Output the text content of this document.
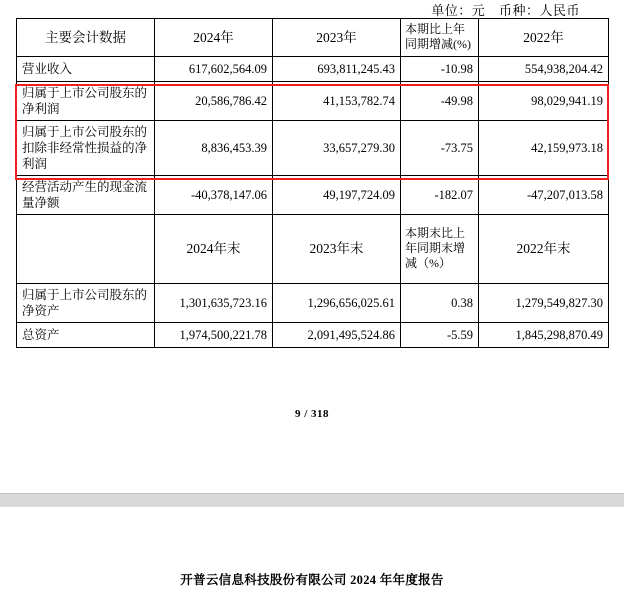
单位：元 币种：人民币
主要会计数据	2024年	2023年	本期比上年同期增减(%)	2022年
营业收入	617,602,564.09	693,811,245.43	-10.98	554,938,204.42
归属于上市公司股东的净利润	20,586,786.42	41,153,782.74	-49.98	98,029,941.19
归属于上市公司股东的扣除非经常性损益的净利润	8,836,453.39	33,657,279.30	-73.75	42,159,973.18
经营活动产生的现金流量净额	-40,378,147.06	49,197,724.09	-182.07	-47,207,013.58
	2024年末	2023年末	本期末比上年同期末增减（%）	2022年末
归属于上市公司股东的净资产	1,301,635,723.16	1,296,656,025.61	0.38	1,279,549,827.30
总资产	1,974,500,221.78	2,091,495,524.86	-5.59	1,845,298,870.49
9 / 318
开普云信息科技股份有限公司 2024 年年度报告
